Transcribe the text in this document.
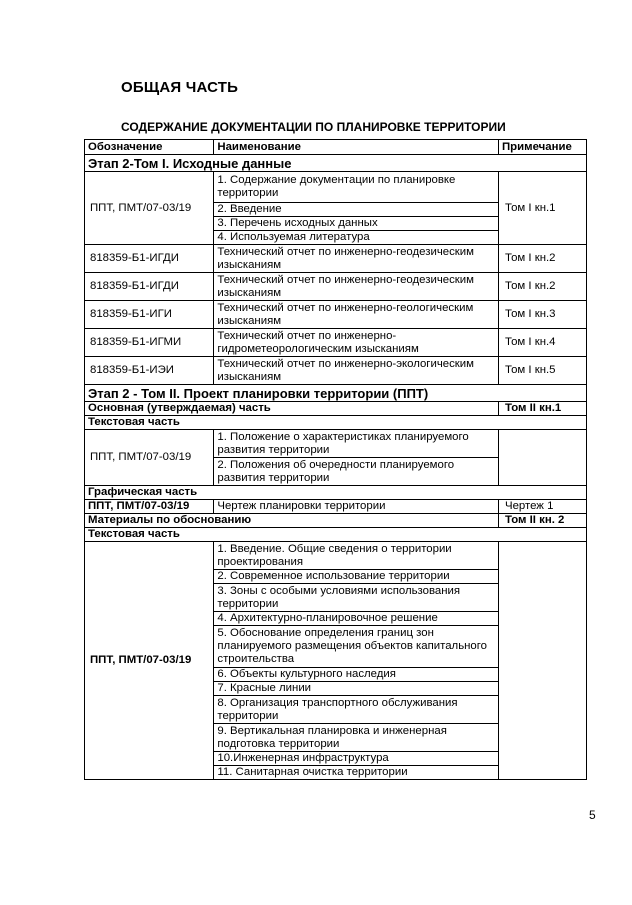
ОБЩАЯ ЧАСТЬ
СОДЕРЖАНИЕ ДОКУМЕНТАЦИИ ПО ПЛАНИРОВКЕ ТЕРРИТОРИИ
Обозначение	Наименование	Примечание
Этап 2-Том I. Исходные данные		
ППТ, ПМТ/07-03/19	1. Содержание документации по планировке территории	Том I кн.1
	2. Введение	
	3. Перечень исходных данных	
	4. Используемая литература	
818359-Б1-ИГДИ	Технический отчет по инженерно-геодезическим изысканиям	Том I кн.2
818359-Б1-ИГДИ	Технический отчет по инженерно-геодезическим изысканиям	Том I кн.2
818359-Б1-ИГИ	Технический отчет по инженерно-геологическим изысканиям	Том I кн.3
818359-Б1-ИГМИ	Технический отчет по инженерно-гидрометеорологическим изысканиям	Том I кн.4
818359-Б1-ИЭИ	Технический отчет по инженерно-экологическим изысканиям	Том I кн.5
Этап 2 - Том II. Проект планировки территории (ППТ)		
Основная (утверждаемая) часть		Том II кн.1
Текстовая часть		
ППТ, ПМТ/07-03/19	1. Положение о характеристиках планируемого развития территории	
	2. Положения об очередности планируемого развития территории	
Графическая часть		
ППТ, ПМТ/07-03/19	Чертеж планировки территории	Чертеж 1
Материалы по обоснованию		Том II кн. 2
Текстовая часть		
ППТ, ПМТ/07-03/19	1. Введение. Общие сведения о территории проектирования	
	2. Современное использование территории	
	3. Зоны с особыми условиями использования территории	
	4. Архитектурно-планировочное решение	
	5. Обоснование определения границ зон планируемого размещения объектов капитального строительства	
	6. Объекты культурного наследия	
	7. Красные линии	
	8. Организация транспортного обслуживания территории	
	9. Вертикальная планировка и инженерная подготовка территории	
	10.Инженерная инфраструктура	
	11. Санитарная очистка территории	
5
